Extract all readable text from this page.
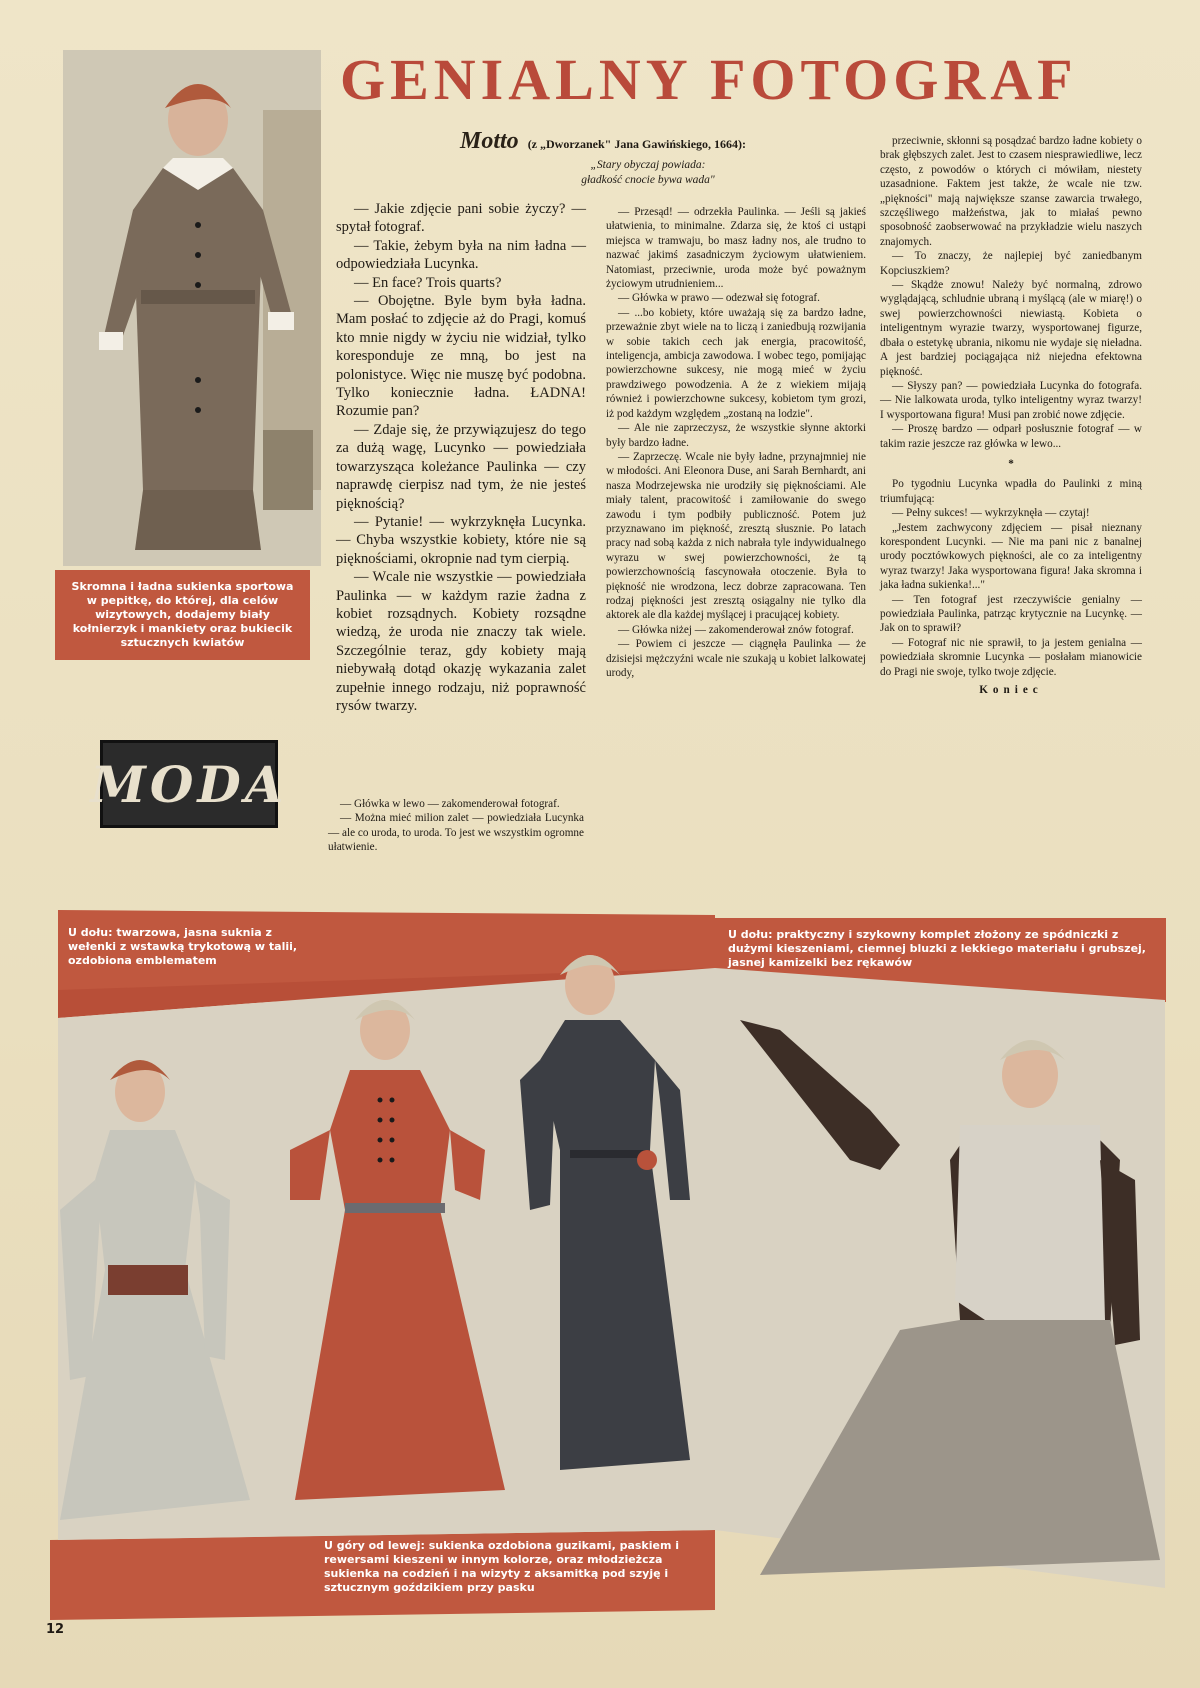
Skromna i ładna sukienka sportowa w pepitkę, do której, dla celów wizytowych, dodajemy biały kołnierzyk i mankiety oraz bukiecik sztucznych kwiatów
MODA
GENIALNY FOTOGRAF
Motto (z „Dworzanek" Jana Gawińskiego, 1664):
„Stary obyczaj powiada:
gładkość cnocie bywa wada"

— Jakie zdjęcie pani sobie życzy? — spytał fotograf.

— Takie, żebym była na nim ładna — odpowiedziała Lucynka.

— En face? Trois quarts?

— Obojętne. Byle bym była ładna. Mam posłać to zdjęcie aż do Pragi, komuś kto mnie nigdy w życiu nie widział, tylko koresponduje ze mną, bo jest na polonistyce. Więc nie muszę być podobna. Tylko koniecznie ładna. ŁADNA! Rozumie pan?

— Zdaje się, że przywiązujesz do tego za dużą wagę, Lucynko — powiedziała towarzysząca koleżance Paulinka — czy naprawdę cierpisz nad tym, że nie jesteś pięknością?

— Pytanie! — wykrzyknęła Lucynka. — Chyba wszystkie kobiety, które nie są pięknościami, okropnie nad tym cierpią.

— Wcale nie wszystkie — powiedziała Paulinka — w każdym razie żadna z kobiet rozsądnych. Kobiety rozsądne wiedzą, że uroda nie znaczy tak wiele. Szczególnie teraz, gdy kobiety mają niebywałą dotąd okazję wykazania zalet zupełnie innego rodzaju, niż poprawność rysów twarzy.

— Główka w lewo — zakomenderował fotograf.

— Można mieć milion zalet — powiedziała Lucynka — ale co uroda, to uroda. To jest we wszystkim ogromne ułatwienie.

— Przesąd! — odrzekła Paulinka. — Jeśli są jakieś ułatwienia, to minimalne. Zdarza się, że ktoś ci ustąpi miejsca w tramwaju, bo masz ładny nos, ale trudno to nazwać jakimś zasadniczym życiowym ułatwieniem. Natomiast, przeciwnie, uroda może być poważnym życiowym utrudnieniem...

— Główka w prawo — odezwał się fotograf.

— ...bo kobiety, które uważają się za bardzo ładne, przeważnie zbyt wiele na to liczą i zaniedbują rozwijania w sobie takich cech jak energia, pracowitość, inteligencja, ambicja zawodowa. I wobec tego, pomijając powierzchowne sukcesy, nie mogą mieć w życiu prawdziwego powodzenia. A że z wiekiem mijają również i powierzchowne sukcesy, kobietom tym grozi, iż pod każdym względem „zostaną na lodzie".

— Ale nie zaprzeczysz, że wszystkie słynne aktorki były bardzo ładne.

— Zaprzeczę. Wcale nie były ładne, przynajmniej nie w młodości. Ani Eleonora Duse, ani Sarah Bernhardt, ani nasza Modrzejewska nie urodziły się pięknościami. Ale miały talent, pracowitość i zamiłowanie do swego zawodu i tym podbiły publiczność. Potem już przyznawano im piękność, zresztą słusznie. Po latach pracy nad sobą każda z nich nabrała tyle indywidualnego wyrazu w swej powierzchowności, że tą powierzchownością fascynowała otoczenie. Była to piękność nie wrodzona, lecz dobrze zapracowana. Ten rodzaj piękności jest zresztą osiągalny nie tylko dla aktorek ale dla każdej myślącej i pracującej kobiety.

— Główka niżej — zakomenderował znów fotograf.

— Powiem ci jeszcze — ciągnęła Paulinka — że dzisiejsi mężczyźni wcale nie szukają u kobiet lalkowatej urody,

przeciwnie, skłonni są posądzać bardzo ładne kobiety o brak głębszych zalet. Jest to czasem niesprawiedliwe, lecz często, z powodów o których ci mówiłam, niestety uzasadnione. Faktem jest także, że wcale nie tzw. „piękności" mają największe szanse zawarcia trwałego, szczęśliwego małżeństwa, jak to miałaś pewno sposobność zaobserwować na przykładzie wielu naszych znajomych.

— To znaczy, że najlepiej być zaniedbanym Kopciuszkiem?

— Skądże znowu! Należy być normalną, zdrowo wyglądającą, schludnie ubraną i myślącą (ale w miarę!) o swej powierzchowności niewiastą. Kobieta o inteligentnym wyrazie twarzy, wysportowanej figurze, dbała o estetykę ubrania, nikomu nie wydaje się nieładna. A jest bardziej pociągająca niż niejedna efektowna piękność.

— Słyszy pan? — powiedziała Lucynka do fotografa. — Nie lalkowata uroda, tylko inteligentny wyraz twarzy! I wysportowana figura! Musi pan zrobić nowe zdjęcie.

— Proszę bardzo — odparł posłusznie fotograf — w takim razie jeszcze raz główka w lewo...

*

Po tygodniu Lucynka wpadła do Paulinki z miną triumfującą:

— Pełny sukces! — wykrzyknęła — czytaj!

„Jestem zachwycony zdjęciem — pisał nieznany korespondent Lucynki. — Nie ma pani nic z banalnej urody pocztówkowych piękności, ale co za inteligentny wyraz twarzy! Jaka wysportowana figura! Jaka skromna i jaka ładna sukienka!..."

— Ten fotograf jest rzeczywiście genialny — powiedziała Paulinka, patrząc krytycznie na Lucynkę. — Jak on to sprawił?

— Fotograf nic nie sprawił, to ja jestem genialna — powiedziała skromnie Lucynka — posłałam mianowicie do Pragi nie swoje, tylko twoje zdjęcie.

Koniec
U dołu: twarzowa, jasna suknia z wełenki z wstawką trykotową w talii, ozdobiona emblematem
U dołu: praktyczny i szykowny komplet złożony ze spódniczki z dużymi kieszeniami, ciemnej bluzki z lekkiego materiału i grubszej, jasnej kamizelki bez rękawów
U góry od lewej: sukienka ozdobiona guzikami, paskiem i rewersami kieszeni w innym kolorze, oraz młodzieżcza sukienka na codzień i na wizyty z aksamitką pod szyję i sztucznym goździkiem przy pasku
12
